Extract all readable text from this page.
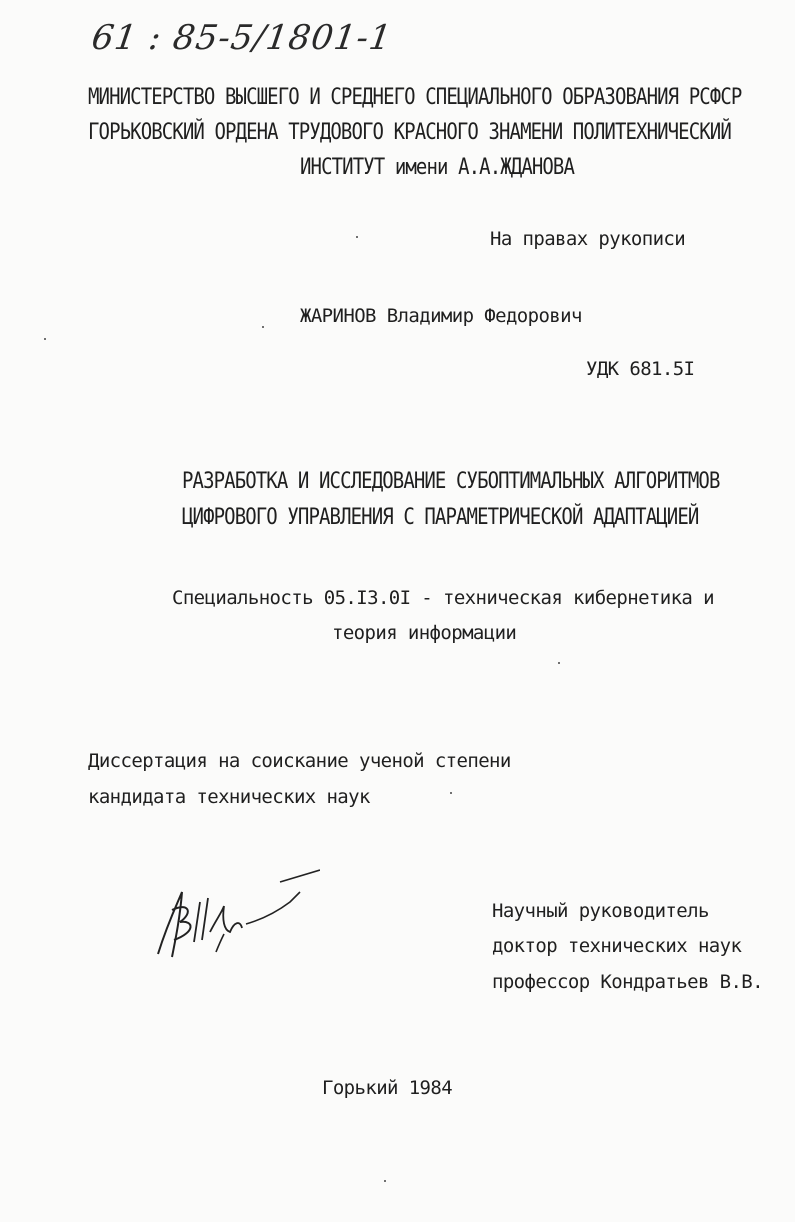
61 : 85-5/1801-1
МИНИСТЕРСТВО ВЫСШЕГО И СРЕДНЕГО СПЕЦИАЛЬНОГО ОБРАЗОВАНИЯ РСФСР
ГОРЬКОВСКИЙ ОРДЕНА ТРУДОВОГО КРАСНОГО ЗНАМЕНИ ПОЛИТЕХНИЧЕСКИЙ
ИНСТИТУТ имени А.А.ЖДАНОВА
На правах рукописи
ЖАРИНОВ Владимир Федорович
УДК 681.5I
РАЗРАБОТКА И ИССЛЕДОВАНИЕ СУБОПТИМАЛЬНЫХ АЛГОРИТМОВ
ЦИФРОВОГО УПРАВЛЕНИЯ С ПАРАМЕТРИЧЕСКОЙ АДАПТАЦИЕЙ
Специальность 05.I3.0I - техническая кибернетика и
теория информации
Диссертация на соискание ученой степени
кандидата технических наук
Научный руководитель
доктор технических наук
профессор Кондратьев В.В.
Горький 1984
